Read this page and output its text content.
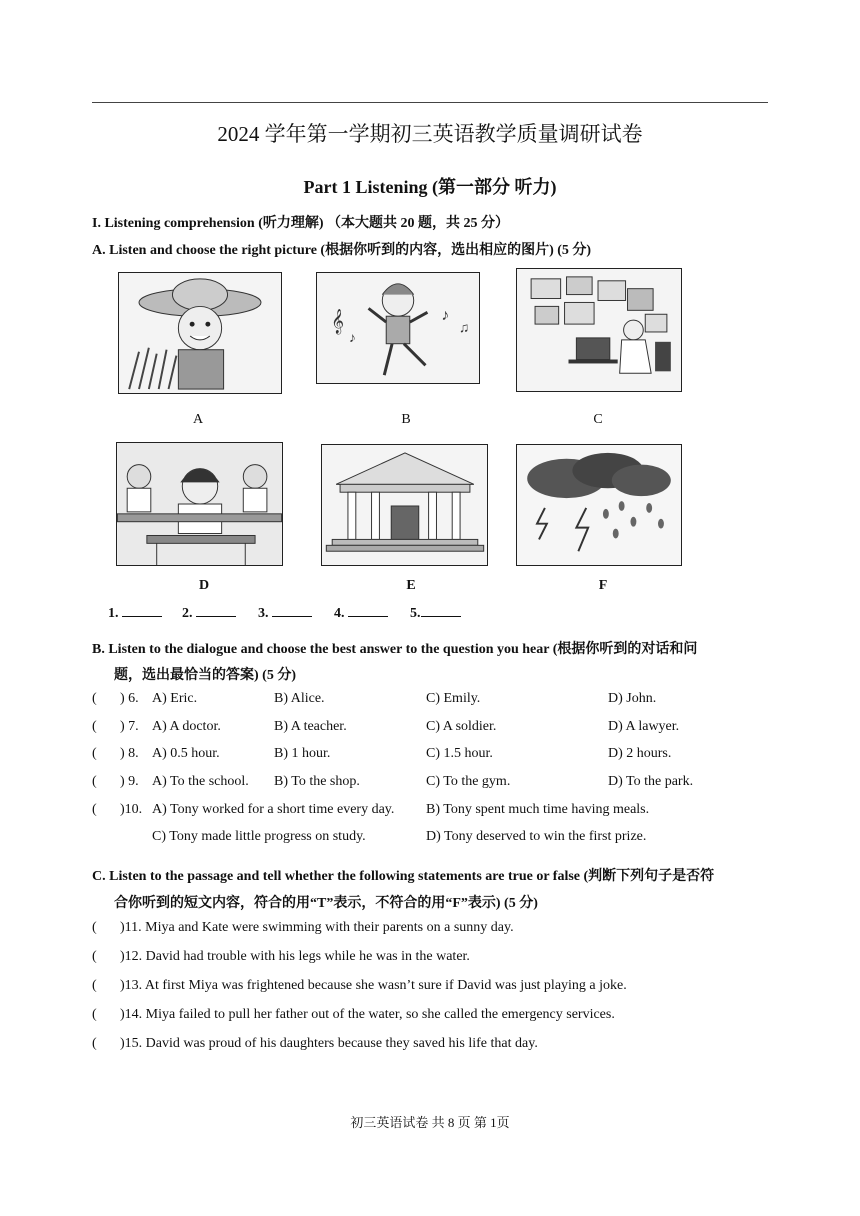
2024 学年第一学期初三英语教学质量调研试卷
Part 1 Listening (第一部分 听力)
I. Listening comprehension (听力理解) （本大题共 20 题，共 25 分）
A. Listen and choose the right picture (根据你听到的内容，选出相应的图片) (5 分)
A
𝄞	♪
♫
♪
B	C
D	E	F
1.	2.	3.	4.	5.
B. Listen to the dialogue and choose the best answer to the question you hear (根据你听到的对话和问
题，选出最恰当的答案) (5 分)
( ) 6. A) Eric.	B) Alice.	C) Emily.	D) John.
( ) 7. A) A doctor.	B) A teacher.	C) A soldier.	D) A lawyer.
( ) 8. A) 0.5 hour.	B) 1 hour.	C) 1.5 hour.	D) 2 hours.
( ) 9. A) To the school. B) To the shop.	C) To the gym.	D) To the park.
( )10. A) Tony worked for a short time every day. B) Tony spent much time having meals.
C) Tony made little progress on study.	D) Tony deserved to win the first prize.
C. Listen to the passage and tell whether the following statements are true or false (判断下列句子是否符
合你听到的短文内容，符合的用“T”表示，不符合的用“F”表示) (5 分)
( )11. Miya and Kate were swimming with their parents on a sunny day.
( )12. David had trouble with his legs while he was in the water.
( )13. At first Miya was frightened because she wasn’t sure if David was just playing a joke.
( )14. Miya failed to pull her father out of the water, so she called the emergency services.
( )15. David was proud of his daughters because they saved his life that day.
初三英语试卷 共 8 页 第 1页
